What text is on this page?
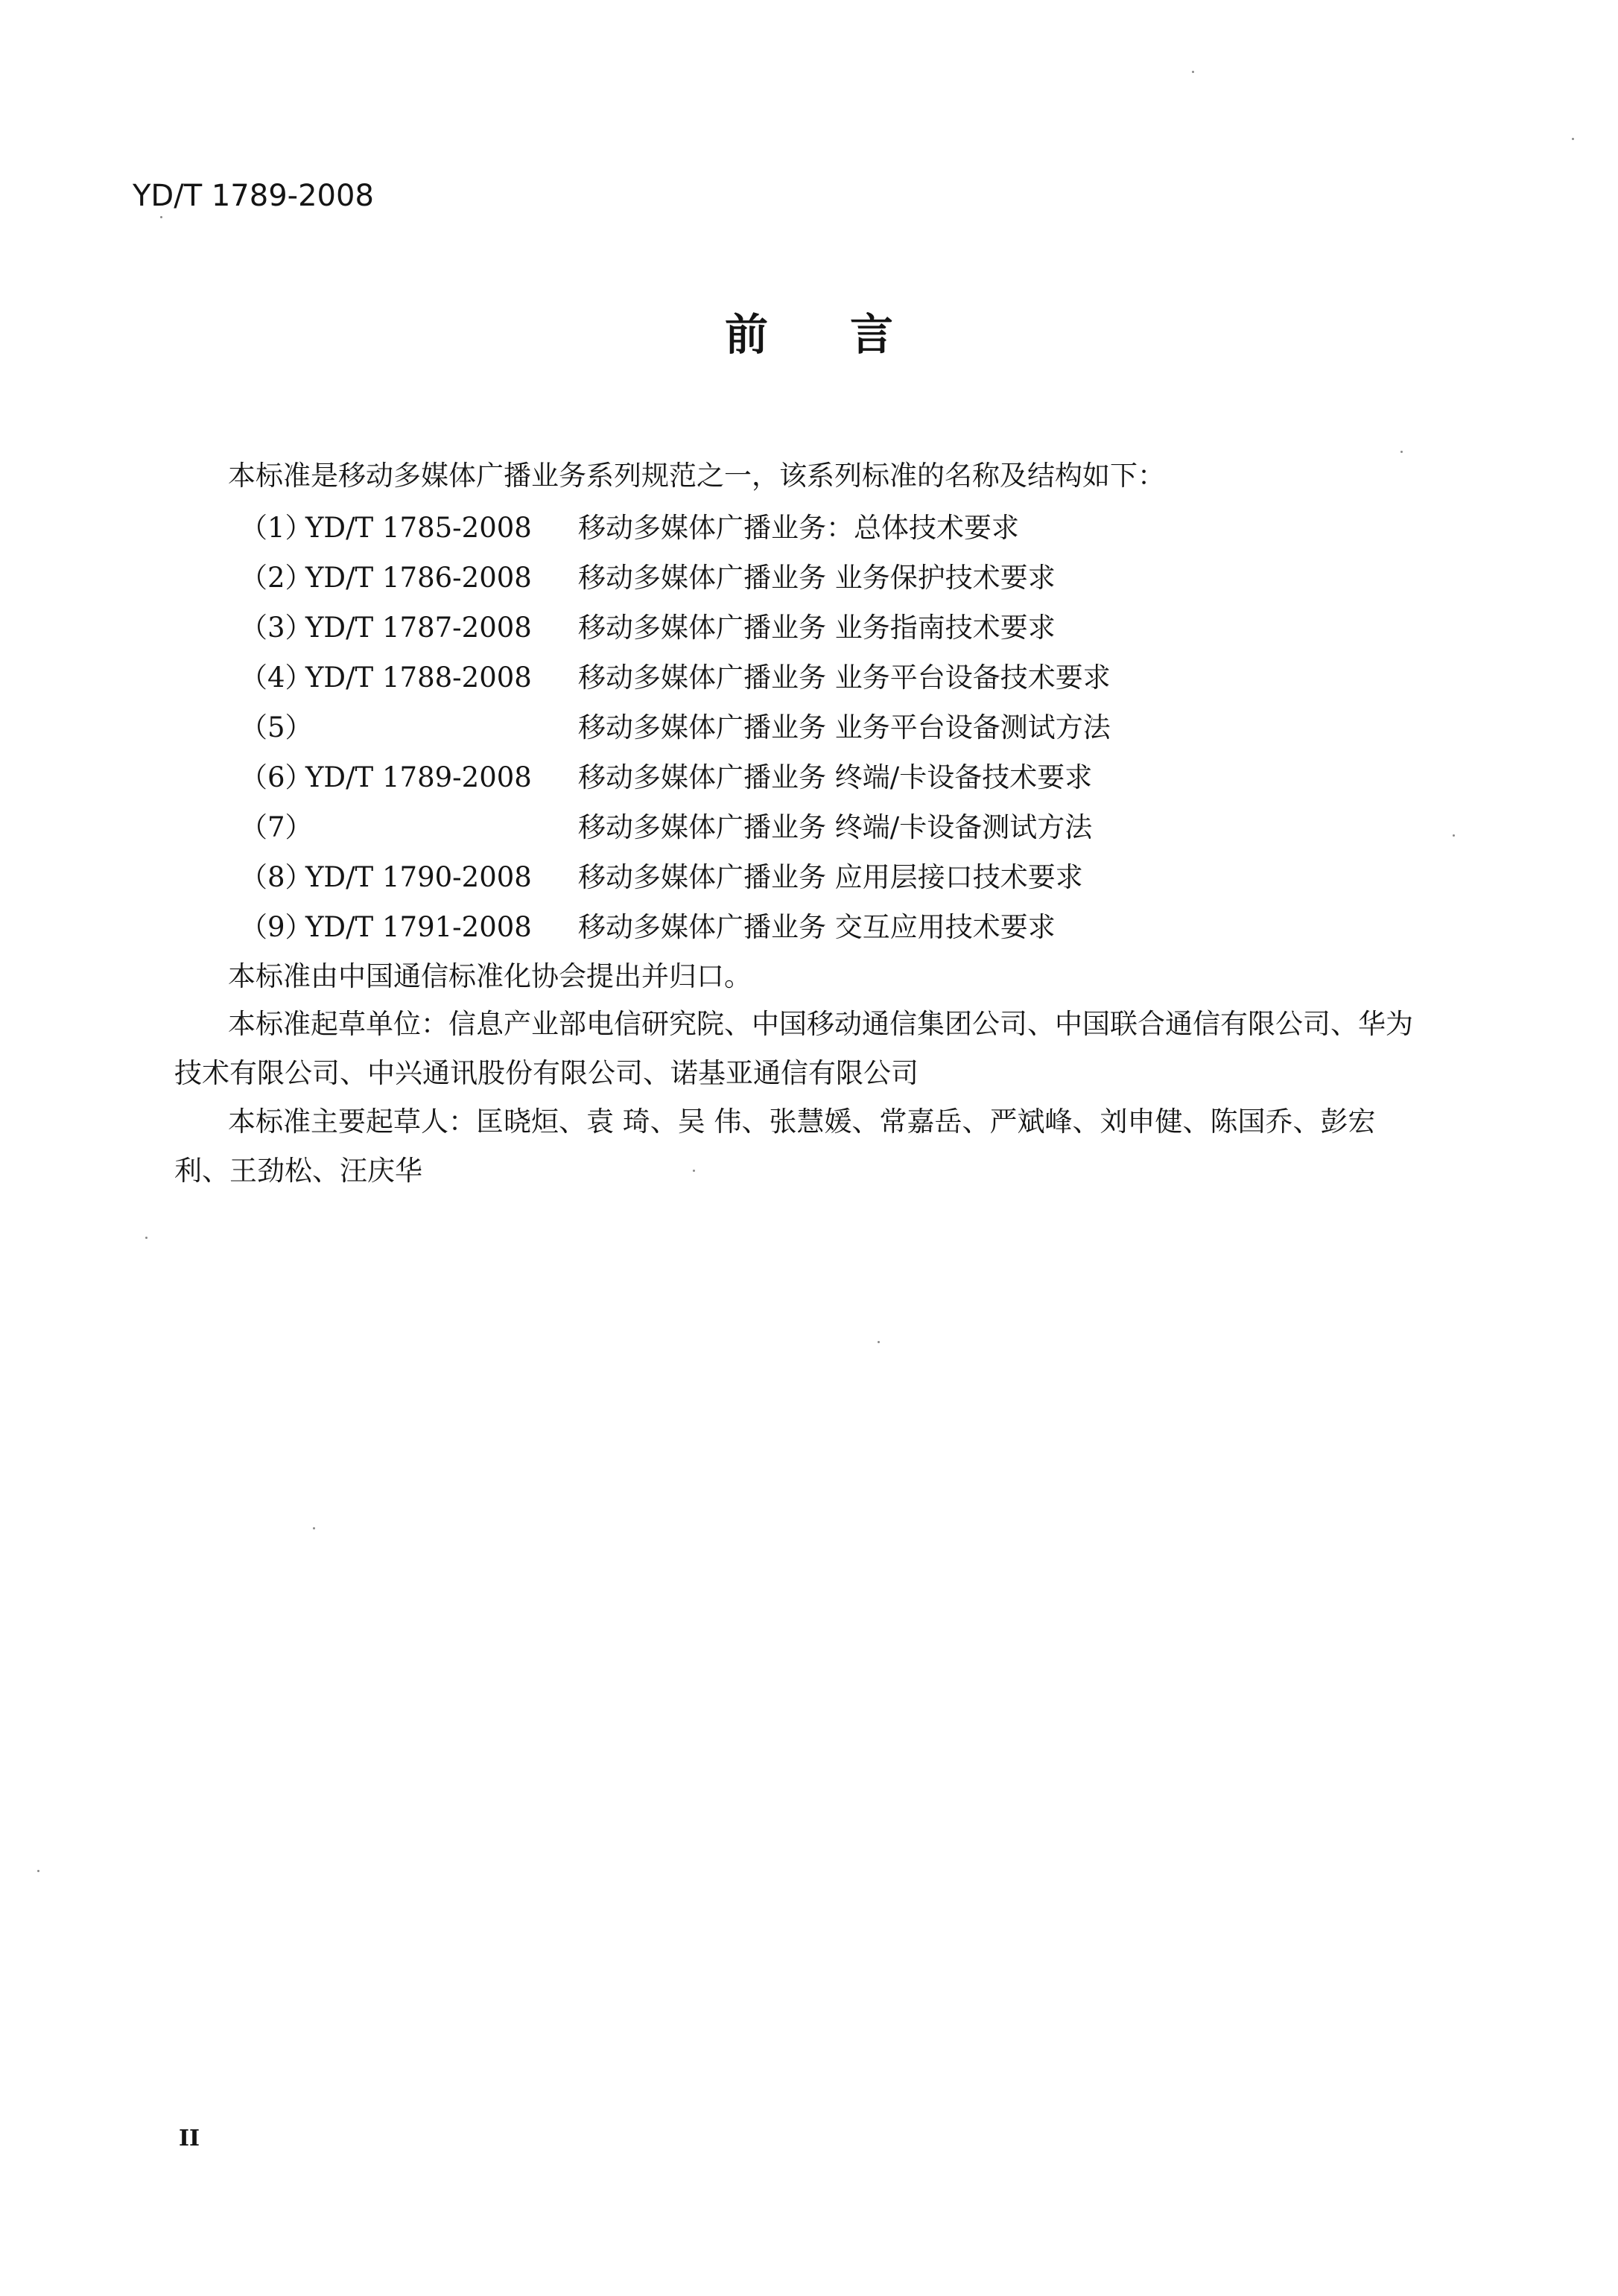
YD/T 1789-2008
前言
本标准是移动多媒体广播业务系列规范之一，该系列标准的名称及结构如下：
（1）
YD/T 1785-2008 移动多媒体广播业务：总体技术要求
（2）
YD/T 1786-2008 移动多媒体广播业务 业务保护技术要求
（3）
YD/T 1787-2008 移动多媒体广播业务 业务指南技术要求
（4）
YD/T 1788-2008 移动多媒体广播业务 业务平台设备技术要求
（5）	移动多媒体广播业务 业务平台设备测试方法
（6）
YD/T 1789-2008 移动多媒体广播业务 终端/卡设备技术要求
（7）	移动多媒体广播业务 终端/卡设备测试方法
（8）
YD/T 1790-2008 移动多媒体广播业务 应用层接口技术要求
（9）
YD/T 1791-2008 移动多媒体广播业务 交互应用技术要求
本标准由中国通信标准化协会提出并归口。
本标准起草单位：信息产业部电信研究院、中国移动通信集团公司、中国联合通信有限公司、华为
技术有限公司、中兴通讯股份有限公司、诺基亚通信有限公司
本标准主要起草人：匡晓烜、袁 琦、吴 伟、张慧媛、常嘉岳、严斌峰、刘申健、陈国乔、彭宏
利、王劲松、汪庆华
II
